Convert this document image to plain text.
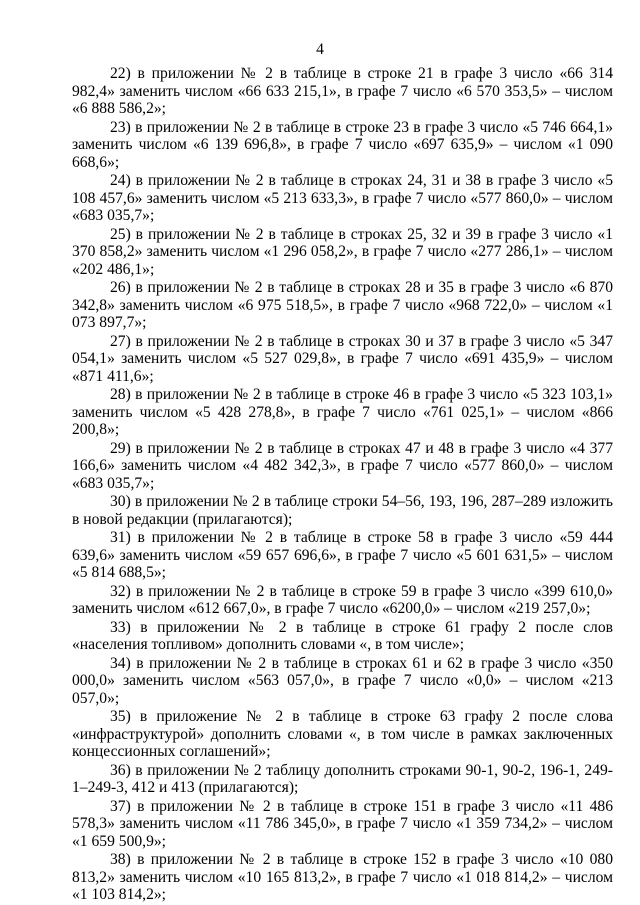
4

22) в приложении № 2 в таблице в строке 21 в графе 3 число «66 314 982,4» заменить числом «66 633 215,1», в графе 7 число «6 570 353,5» – числом «6 888 586,2»;

23) в приложении № 2 в таблице в строке 23 в графе 3 число «5 746 664,1» заменить числом «6 139 696,8», в графе 7 число «697 635,9» – числом «1 090 668,6»;

24) в приложении № 2 в таблице в строках 24, 31 и 38 в графе 3 число «5 108 457,6» заменить числом «5 213 633,3», в графе 7 число «577 860,0» – числом «683 035,7»;

25) в приложении № 2 в таблице в строках 25, 32 и 39 в графе 3 число «1 370 858,2» заменить числом «1 296 058,2», в графе 7 число «277 286,1» – числом «202 486,1»;

26) в приложении № 2 в таблице в строках 28 и 35 в графе 3 число «6 870 342,8» заменить числом «6 975 518,5», в графе 7 число «968 722,0» – числом «1 073 897,7»;

27) в приложении № 2 в таблице в строках 30 и 37 в графе 3 число «5 347 054,1» заменить числом «5 527 029,8», в графе 7 число «691 435,9» – числом «871 411,6»;

28) в приложении № 2 в таблице в строке 46 в графе 3 число «5 323 103,1» заменить числом «5 428 278,8», в графе 7 число «761 025,1» – числом «866 200,8»;

29) в приложении № 2 в таблице в строках 47 и 48 в графе 3 число «4 377 166,6» заменить числом «4 482 342,3», в графе 7 число «577 860,0» – числом «683 035,7»;

30) в приложении № 2 в таблице строки 54–56, 193, 196, 287–289 изложить в новой редакции (прилагаются);

31) в приложении № 2 в таблице в строке 58 в графе 3 число «59 444 639,6» заменить числом «59 657 696,6», в графе 7 число «5 601 631,5» – числом «5 814 688,5»;

32) в приложении № 2 в таблице в строке 59 в графе 3 число «399 610,0» заменить числом «612 667,0», в графе 7 число «6200,0» – числом «219 257,0»;

33) в приложении № 2 в таблице в строке 61 графу 2 после слов «населения топливом» дополнить словами «, в том числе»;

34) в приложении № 2 в таблице в строках 61 и 62 в графе 3 число «350 000,0» заменить числом «563 057,0», в графе 7 число «0,0» – числом «213 057,0»;

35) в приложение № 2 в таблице в строке 63 графу 2 после слова «инфраструктурой» дополнить словами «, в том числе в рамках заключенных концессионных соглашений»;

36) в приложении № 2 таблицу дополнить строками 90-1, 90-2, 196-1, 249-1–249-3, 412 и 413 (прилагаются);

37) в приложении № 2 в таблице в строке 151 в графе 3 число «11 486 578,3» заменить числом «11 786 345,0», в графе 7 число «1 359 734,2» – числом «1 659 500,9»;

38) в приложении № 2 в таблице в строке 152 в графе 3 число «10 080 813,2» заменить числом «10 165 813,2», в графе 7 число «1 018 814,2» – числом «1 103 814,2»;
